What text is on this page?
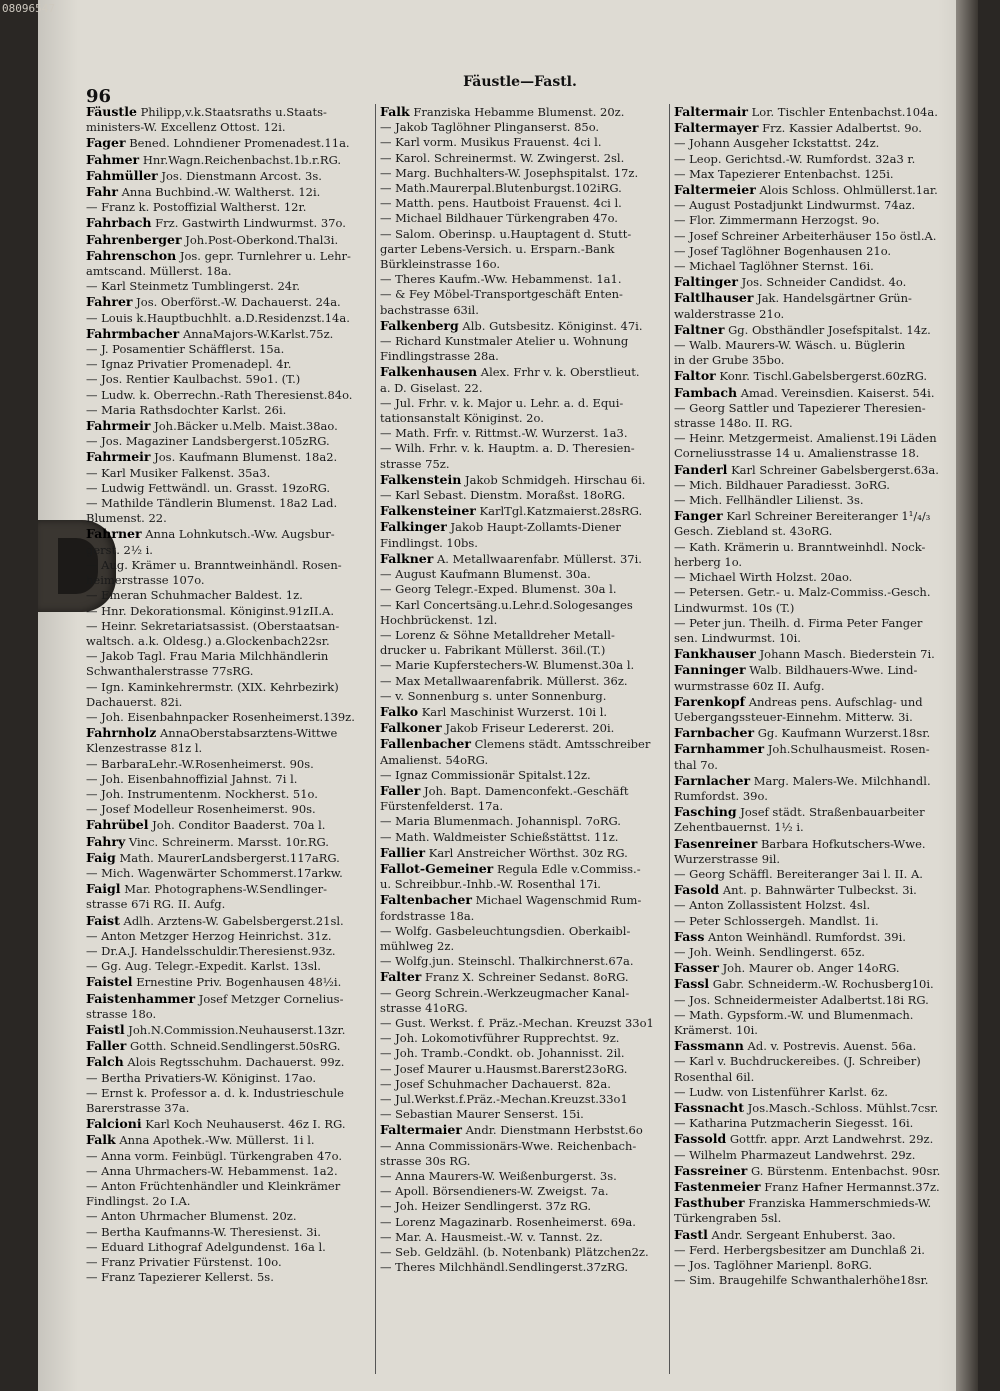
08096547
96
Fäustle—Fastl.
Fäustle Philipp,v.k.Staatsraths u.Staats-
ministers-W. Excellenz Ottost. 12i.
Fager Bened. Lohndiener Promenadest.11a.
Fahmer Hnr.Wagn.Reichenbachst.1b.r.RG.
Fahmüller Jos. Dienstmann Arcost. 3s.
Fahr Anna Buchbind.-W. Waltherst. 12i.
— Franz k. Postoffizial Waltherst. 12r.
Fahrbach Frz. Gastwirth Lindwurmst. 37o.
Fahrenberger Joh.Post-Oberkond.Thal3i.
Fahrenschon Jos. gepr. Turnlehrer u. Lehr-
amtscand. Müllerst. 18a.
— Karl Steinmetz Tumblingerst. 24r.
Fahrer Jos. Oberförst.-W. Dachauerst. 24a.
— Louis k.Hauptbuchhlt. a.D.Residenzst.14a.
Fahrmbacher AnnaMajors-W.Karlst.75z.
— J. Posamentier Schäfflerst. 15a.
— Ignaz Privatier Promenadepl. 4r.
— Jos. Rentier Kaulbachst. 59o1. (T.)
— Ludw. k. Oberrechn.-Rath Theresienst.84o.
— Maria Rathsdochter Karlst. 26i.
Fahrmeir Joh.Bäcker u.Melb. Maist.38ao.
— Jos. Magaziner Landsbergerst.105zRG.
Fahrmeir Jos. Kaufmann Blumenst. 18a2.
— Karl Musiker Falkenst. 35a3.
— Ludwig Fettwändl. un. Grasst. 19zoRG.
— Mathilde Tändlerin Blumenst. 18a2 Lad.
Blumenst. 22.
Fahrner Anna Lohnkutsch.-Ww. Augsbur-
gerst. 2½ i.
— Aug. Krämer u. Branntweinhändl. Rosen-
heimerstrasse 107o.
— Emeran Schuhmacher Baldest. 1z.
— Hnr. Dekorationsmal. Königinst.91zII.A.
— Heinr. Sekretariatsassist. (Oberstaatsan-
waltsch. a.k. Oldesg.) a.Glockenbach22sr.
— Jakob Tagl. Frau Maria Milchhändlerin
Schwanthalerstrasse 77sRG.
— Ign. Kaminkehrermstr. (XIX. Kehrbezirk)
Dachauerst. 82i.
— Joh. Eisenbahnpacker Rosenheimerst.139z.
Fahrnholz AnnaOberstabsarztens-Wittwe
Klenzestrasse 81z l.
— BarbaraLehr.-W.Rosenheimerst. 90s.
— Joh. Eisenbahnoffizial Jahnst. 7i l.
— Joh. Instrumentenm. Nockherst. 51o.
— Josef Modelleur Rosenheimerst. 90s.
Fahrübel Joh. Conditor Baaderst. 70a l.
Fahry Vinc. Schreinerm. Marsst. 10r.RG.
Faig Math. MaurerLandsbergerst.117aRG.
— Mich. Wagenwärter Schommerst.17arkw.
Faigl Mar. Photographens-W.Sendlinger-
strasse 67i RG. II. Aufg.
Faist Adlh. Arztens-W. Gabelsbergerst.21sl.
— Anton Metzger Herzog Heinrichst. 31z.
— Dr.A.J. Handelsschuldir.Theresienst.93z.
— Gg. Aug. Telegr.-Expedit. Karlst. 13sl.
Faistel Ernestine Priv. Bogenhausen 48½i.
Faistenhammer Josef Metzger Cornelius-
strasse 18o.
Faistl Joh.N.Commission.Neuhauserst.13zr.
Faller Gotth. Schneid.Sendlingerst.50sRG.
Falch Alois Regtsschuhm. Dachauerst. 99z.
— Bertha Privatiers-W. Königinst. 17ao.
— Ernst k. Professor a. d. k. Industrieschule
Barerstrasse 37a.
Falcioni Karl Koch Neuhauserst. 46z I. RG.
Falk Anna Apothek.-Ww. Müllerst. 1i l.
— Anna vorm. Feinbügl. Türkengraben 47o.
— Anna Uhrmachers-W. Hebammenst. 1a2.
— Anton Früchtenhändler und Kleinkrämer
Findlingst. 2o I.A.
— Anton Uhrmacher Blumenst. 20z.
— Bertha Kaufmanns-W. Theresienst. 3i.
— Eduard Lithograf Adelgundenst. 16a l.
— Franz Privatier Fürstenst. 10o.
— Franz Tapezierer Kellerst. 5s.
Falk Franziska Hebamme Blumenst. 20z.
— Jakob Taglöhner Plinganserst. 85o.
— Karl vorm. Musikus Frauenst. 4ci l.
— Karol. Schreinermst. W. Zwingerst. 2sl.
— Marg. Buchhalters-W. Josephspitalst. 17z.
— Math.Maurerpal.Blutenburgst.102iRG.
— Matth. pens. Hautboist Frauenst. 4ci l.
— Michael Bildhauer Türkengraben 47o.
— Salom. Oberinsp. u.Hauptagent d. Stutt-
garter Lebens-Versich. u. Ersparn.-Bank
Bürkleinstrasse 16o.
— Theres Kaufm.-Ww. Hebammenst. 1a1.
— & Fey Möbel-Transportgeschäft Enten-
bachstrasse 63il.
Falkenberg Alb. Gutsbesitz. Königinst. 47i.
— Richard Kunstmaler Atelier u. Wohnung
Findlingstrasse 28a.
Falkenhausen Alex. Frhr v. k. Oberstlieut.
a. D. Giselast. 22.
— Jul. Frhr. v. k. Major u. Lehr. a. d. Equi-
tationsanstalt Königinst. 2o.
— Math. Frfr. v. Rittmst.-W. Wurzerst. 1a3.
— Wilh. Frhr. v. k. Hauptm. a. D. Theresien-
strasse 75z.
Falkenstein Jakob Schmidgeh. Hirschau 6i.
— Karl Sebast. Dienstm. Moraßst. 18oRG.
Falkensteiner KarlTgl.Katzmaierst.28sRG.
Falkinger Jakob Haupt-Zollamts-Diener
Findlingst. 10bs.
Falkner A. Metallwaarenfabr. Müllerst. 37i.
— August Kaufmann Blumenst. 30a.
— Georg Telegr.-Exped. Blumenst. 30a l.
— Karl Concertsäng.u.Lehr.d.Sologesanges
Hochbrückenst. 1zl.
— Lorenz & Söhne Metalldreher Metall-
drucker u. Fabrikant Müllerst. 36il.(T.)
— Marie Kupferstechers-W. Blumenst.30a l.
— Max Metallwaarenfabrik. Müllerst. 36z.
— v. Sonnenburg s. unter Sonnenburg.
Falko Karl Maschinist Wurzerst. 10i l.
Falkoner Jakob Friseur Ledererst. 20i.
Fallenbacher Clemens städt. Amtsschreiber
Amalienst. 54oRG.
— Ignaz Commissionär Spitalst.12z.
Faller Joh. Bapt. Damenconfekt.-Geschäft
Fürstenfelderst. 17a.
— Maria Blumenmach. Johannispl. 7oRG.
— Math. Waldmeister Schießstättst. 11z.
Fallier Karl Anstreicher Wörthst. 30z RG.
Fallot-Gemeiner Regula Edle v.Commiss.-
u. Schreibbur.-Inhb.-W. Rosenthal 17i.
Faltenbacher Michael Wagenschmid Rum-
fordstrasse 18a.
— Wolfg. Gasbeleuchtungsdien. Oberkaibl-
mühlweg 2z.
— Wolfg.jun. Steinschl. Thalkirchnerst.67a.
Falter Franz X. Schreiner Sedanst. 8oRG.
— Georg Schrein.-Werkzeugmacher Kanal-
strasse 41oRG.
— Gust. Werkst. f. Präz.-Mechan. Kreuzst 33o1
— Joh. Lokomotivführer Rupprechtst. 9z.
— Joh. Tramb.-Condkt. ob. Johannisst. 2il.
— Josef Maurer u.Hausmst.Barerst23oRG.
— Josef Schuhmacher Dachauerst. 82a.
— Jul.Werkst.f.Präz.-Mechan.Kreuzst.33o1
— Sebastian Maurer Senserst. 15i.
Faltermaier Andr. Dienstmann Herbstst.6o
— Anna Commissionärs-Wwe. Reichenbach-
strasse 30s RG.
— Anna Maurers-W. Weißenburgerst. 3s.
— Apoll. Börsendieners-W. Zweigst. 7a.
— Joh. Heizer Sendlingerst. 37z RG.
— Lorenz Magazinarb. Rosenheimerst. 69a.
— Mar. A. Hausmeist.-W. v. Tannst. 2z.
— Seb. Geldzähl. (b. Notenbank) Plätzchen2z.
— Theres Milchhändl.Sendlingerst.37zRG.
Faltermair Lor. Tischler Entenbachst.104a.
Faltermayer Frz. Kassier Adalbertst. 9o.
— Johann Ausgeher Ickstattst. 24z.
— Leop. Gerichtsd.-W. Rumfordst. 32a3 r.
— Max Tapezierer Entenbachst. 125i.
Faltermeier Alois Schloss. Ohlmüllerst.1ar.
— August Postadjunkt Lindwurmst. 74az.
— Flor. Zimmermann Herzogst. 9o.
— Josef Schreiner Arbeiterhäuser 15o östl.A.
— Josef Taglöhner Bogenhausen 21o.
— Michael Taglöhner Sternst. 16i.
Faltinger Jos. Schneider Candidst. 4o.
Faltlhauser Jak. Handelsgärtner Grün-
walderstrasse 21o.
Faltner Gg. Obsthändler Josefspitalst. 14z.
— Walb. Maurers-W. Wäsch. u. Büglerin
in der Grube 35bo.
Faltor Konr. Tischl.Gabelsbergerst.60zRG.
Fambach Amad. Vereinsdien. Kaiserst. 54i.
— Georg Sattler und Tapezierer Theresien-
strasse 148o. II. RG.
— Heinr. Metzgermeist. Amalienst.19i Läden
Corneliusstrasse 14 u. Amalienstrasse 18.
Fanderl Karl Schreiner Gabelsbergerst.63a.
— Mich. Bildhauer Paradiesst. 3oRG.
— Mich. Fellhändler Lilienst. 3s.
Fanger Karl Schreiner Bereiteranger 1¹/₄/₃
Gesch. Ziebland st. 43oRG.
— Kath. Krämerin u. Branntweinhdl. Nock-
herberg 1o.
— Michael Wirth Holzst. 20ao.
— Petersen. Getr.- u. Malz-Commiss.-Gesch.
Lindwurmst. 10s (T.)
— Peter jun. Theilh. d. Firma Peter Fanger
sen. Lindwurmst. 10i.
Fankhauser Johann Masch. Biederstein 7i.
Fanninger Walb. Bildhauers-Wwe. Lind-
wurmstrasse 60z II. Aufg.
Farenkopf Andreas pens. Aufschlag- und
Uebergangssteuer-Einnehm. Mitterw. 3i.
Farnbacher Gg. Kaufmann Wurzerst.18sr.
Farnhammer Joh.Schulhausmeist. Rosen-
thal 7o.
Farnlacher Marg. Malers-We. Milchhandl.
Rumfordst. 39o.
Fasching Josef städt. Straßenbauarbeiter
Zehentbauernst. 1½ i.
Fasenreiner Barbara Hofkutschers-Wwe.
Wurzerstrasse 9il.
— Georg Schäffl. Bereiteranger 3ai l. II. A.
Fasold Ant. p. Bahnwärter Tulbeckst. 3i.
— Anton Zollassistent Holzst. 4sl.
— Peter Schlossergeh. Mandlst. 1i.
Fass Anton Weinhändl. Rumfordst. 39i.
— Joh. Weinh. Sendlingerst. 65z.
Fasser Joh. Maurer ob. Anger 14oRG.
Fassl Gabr. Schneiderm.-W. Rochusberg10i.
— Jos. Schneidermeister Adalbertst.18i RG.
— Math. Gypsform.-W. und Blumenmach.
Krämerst. 10i.
Fassmann Ad. v. Postrevis. Auenst. 56a.
— Karl v. Buchdruckereibes. (J. Schreiber)
Rosenthal 6il.
— Ludw. von Listenführer Karlst. 6z.
Fassnacht Jos.Masch.-Schloss. Mühlst.7csr.
— Katharina Putzmacherin Siegesst. 16i.
Fassold Gottfr. appr. Arzt Landwehrst. 29z.
— Wilhelm Pharmazeut Landwehrst. 29z.
Fassreiner G. Bürstenm. Entenbachst. 90sr.
Fastenmeier Franz Hafner Hermannst.37z.
Fasthuber Franziska Hammerschmieds-W.
Türkengraben 5sl.
Fastl Andr. Sergeant Enhuberst. 3ao.
— Ferd. Herbergsbesitzer am Dunchlaß 2i.
— Jos. Taglöhner Marienpl. 8oRG.
— Sim. Braugehilfe Schwanthalerhöhe18sr.
